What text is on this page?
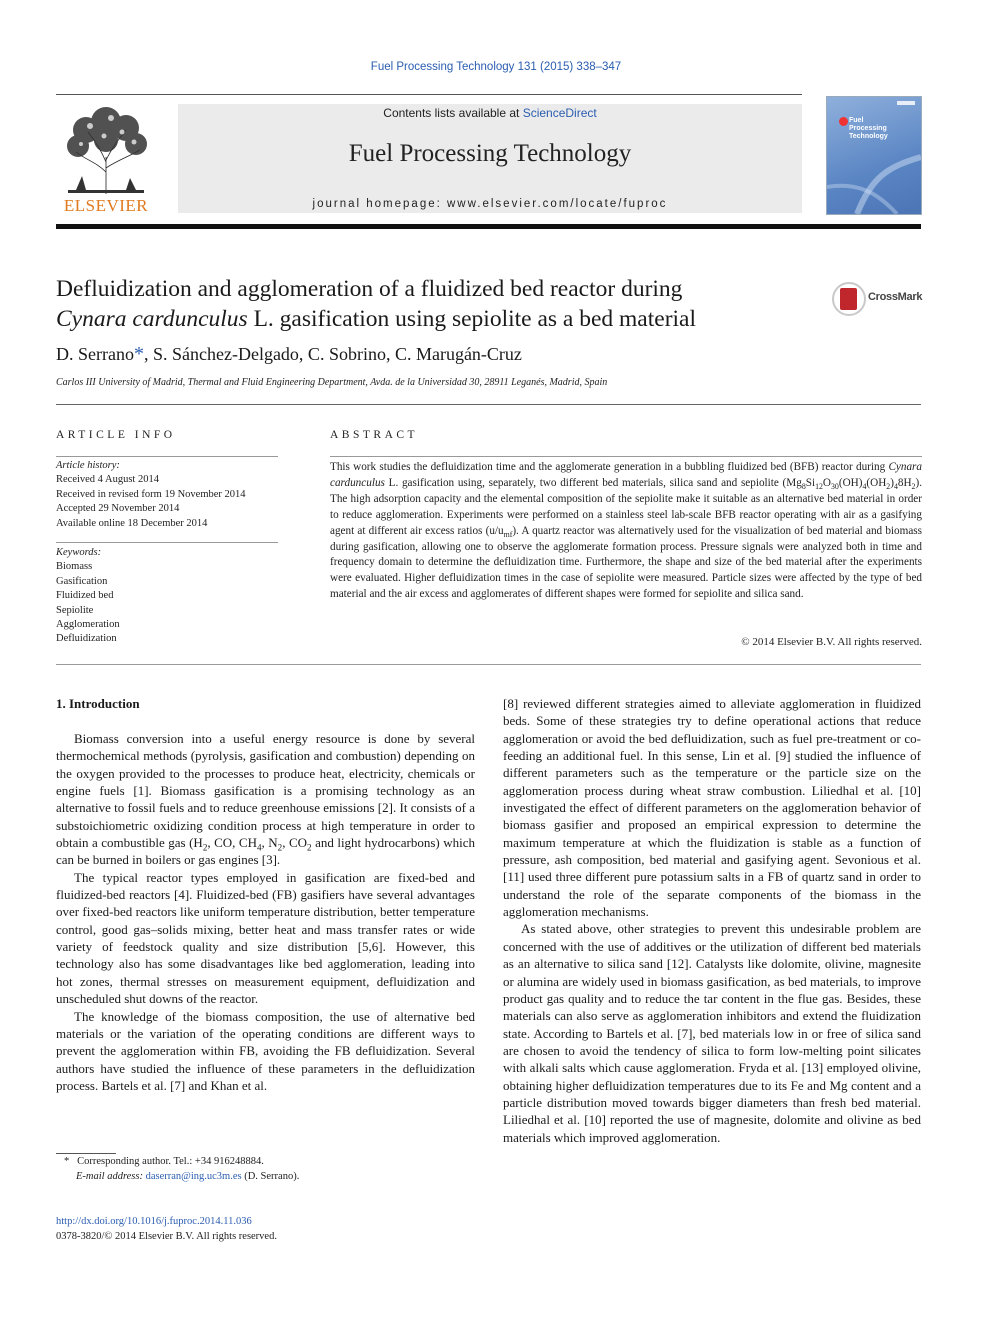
Fuel Processing Technology 131 (2015) 338–347
ELSEVIER
Contents lists available at ScienceDirect
Fuel Processing Technology
journal homepage: www.elsevier.com/locate/fuproc
Fuel
Processing
Technology
Defluidization and agglomeration of a fluidized bed reactor during
Cynara cardunculus L. gasification using sepiolite as a bed material
CrossMark
D. Serrano*, S. Sánchez-Delgado, C. Sobrino, C. Marugán-Cruz
Carlos III University of Madrid, Thermal and Fluid Engineering Department, Avda. de la Universidad 30, 28911 Leganés, Madrid, Spain
ARTICLE INFO
Article history:
Received 4 August 2014
Received in revised form 19 November 2014
Accepted 29 November 2014
Available online 18 December 2014
Keywords:
Biomass
Gasification
Fluidized bed
Sepiolite
Agglomeration
Defluidization
ABSTRACT
This work studies the defluidization time and the agglomerate generation in a bubbling fluidized bed (BFB) reactor during Cynara cardunculus L. gasification using, separately, two different bed materials, silica sand and sepiolite $(Mg_8Si_{12}O_{30}(OH)_4(OH_2)_48H_2)$. The high adsorption capacity and the elemental composition of the sepiolite make it suitable as an alternative bed material in order to reduce agglomeration. Experiments were performed on a stainless steel lab-scale BFB reactor operating with air as a gasifying agent at different air excess ratios $(u/u_{mf})$. A quartz reactor was alternatively used for the visualization of bed material and biomass during gasification, allowing one to observe the agglomerate formation process. Pressure signals were analyzed both in time and frequency domain to determine the defluidization time. Furthermore, the shape and size of the bed material after the experiments were evaluated. Higher defluidization times in the case of sepiolite were measured. Particle sizes were affected by the type of bed material and the air excess and agglomerates of different shapes were formed for sepiolite and silica sand.
© 2014 Elsevier B.V. All rights reserved.
1. Introduction

Biomass conversion into a useful energy resource is done by several thermochemical methods (pyrolysis, gasification and combustion) depending on the oxygen provided to the processes to produce heat, electricity, chemicals or engine fuels [1]. Biomass gasification is a promising technology as an alternative to fossil fuels and to reduce greenhouse emissions [2]. It consists of a substoichiometric oxidizing condition process at high temperature in order to obtain a combustible gas ($H_2$, CO, $CH_4$, $N_2$, $CO_2$ and light hydrocarbons) which can be burned in boilers or gas engines [3].

The typical reactor types employed in gasification are fixed-bed and fluidized-bed reactors [4]. Fluidized-bed (FB) gasifiers have several advantages over fixed-bed reactors like uniform temperature distribution, better temperature control, good gas–solids mixing, better heat and mass transfer rates or wide variety of feedstock quality and size distribution [5,6]. However, this technology also has some disadvantages like bed agglomeration, leading into hot zones, thermal stresses on measurement equipment, defluidization and unscheduled shut downs of the reactor.

The knowledge of the biomass composition, the use of alternative bed materials or the variation of the operating conditions are different ways to prevent the agglomeration within FB, avoiding the FB defluidization. Several authors have studied the influence of these parameters in the defluidization process. Bartels et al. [7] and Khan et al.

[8] reviewed different strategies aimed to alleviate agglomeration in fluidized beds. Some of these strategies try to define operational actions that reduce agglomeration or avoid the bed defluidization, such as fuel pre-treatment or co-feeding an additional fuel. In this sense, Lin et al. [9] studied the influence of different parameters such as the temperature or the particle size on the agglomeration process during wheat straw combustion. Liliedhal et al. [10] investigated the effect of different parameters on the agglomeration behavior of biomass gasifier and proposed an empirical expression to determine the maximum temperature at which the fluidization is stable as a function of pressure, ash composition, bed material and gasifying agent. Sevonious et al. [11] used three different pure potassium salts in a FB of quartz sand in order to understand the role of the separate components of the biomass in the agglomeration mechanisms.

As stated above, other strategies to prevent this undesirable problem are concerned with the use of additives or the utilization of different bed materials as an alternative to silica sand [12]. Catalysts like dolomite, olivine, magnesite or alumina are widely used in biomass gasification, as bed materials, to improve product gas quality and to reduce the tar content in the flue gas. Besides, these materials can also serve as agglomeration inhibitors and extend the fluidization state. According to Bartels et al. [7], bed materials low in or free of silica sand are chosen to avoid the tendency of silica to form low-melting point silicates with alkali salts which cause agglomeration. Fryda et al. [13] employed olivine, obtaining higher defluidization temperatures due to its Fe and Mg content and a particle distribution moved towards bigger diameters than fresh bed material. Liliedhal et al. [10] reported the use of magnesite, dolomite and olivine as bed materials which improved agglomeration.

* Corresponding author. Tel.: +34 916248884.
E-mail address: daserran@ing.uc3m.es (D. Serrano).
http://dx.doi.org/10.1016/j.fuproc.2014.11.036
0378-3820/© 2014 Elsevier B.V. All rights reserved.
